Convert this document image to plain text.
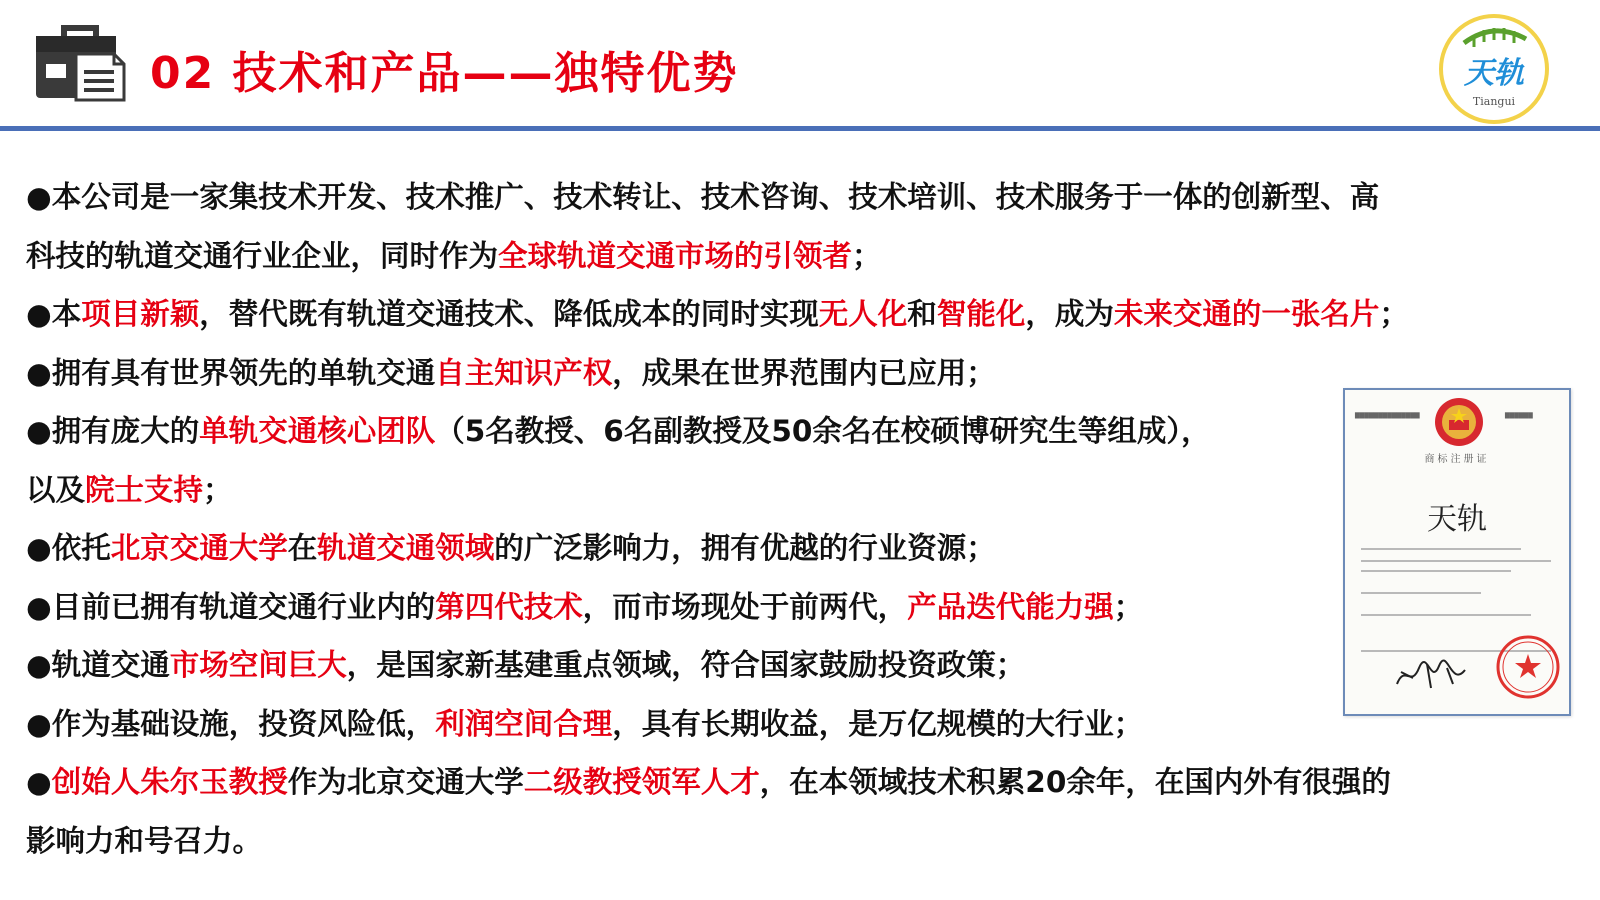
02 技术和产品——独特优势	天轨
Tiangui
●本公司是一家集技术开发、技术推广、技术转让、技术咨询、技术培训、技术服务于一体的创新型、高
科技的轨道交通行业企业，同时作为全球轨道交通市场的引领者；
●本项目新颖，替代既有轨道交通技术、降低成本的同时实现无人化和智能化，成为未来交通的一张名片；
●拥有具有世界领先的单轨交通自主知识产权，成果在世界范围内已应用；
●拥有庞大的单轨交通核心团队（5名教授、6名副教授及50余名在校硕博研究生等组成），
以及院士支持；
●依托北京交通大学在轨道交通领域的广泛影响力，拥有优越的行业资源；
●目前已拥有轨道交通行业内的第四代技术，而市场现处于前两代，产品迭代能力强；
●轨道交通市场空间巨大，是国家新基建重点领域，符合国家鼓励投资政策；
●作为基础设施，投资风险低，利润空间合理，具有长期收益，是万亿规模的大行业；
●创始人朱尔玉教授作为北京交通大学二级教授领军人才，在本领域技术积累20余年，在国内外有很强的
影响力和号召力。
▇▇▇▇▇▇▇▇▇▇▇▇▇▇	▇▇▇▇▇▇
商标注册证
天轨
